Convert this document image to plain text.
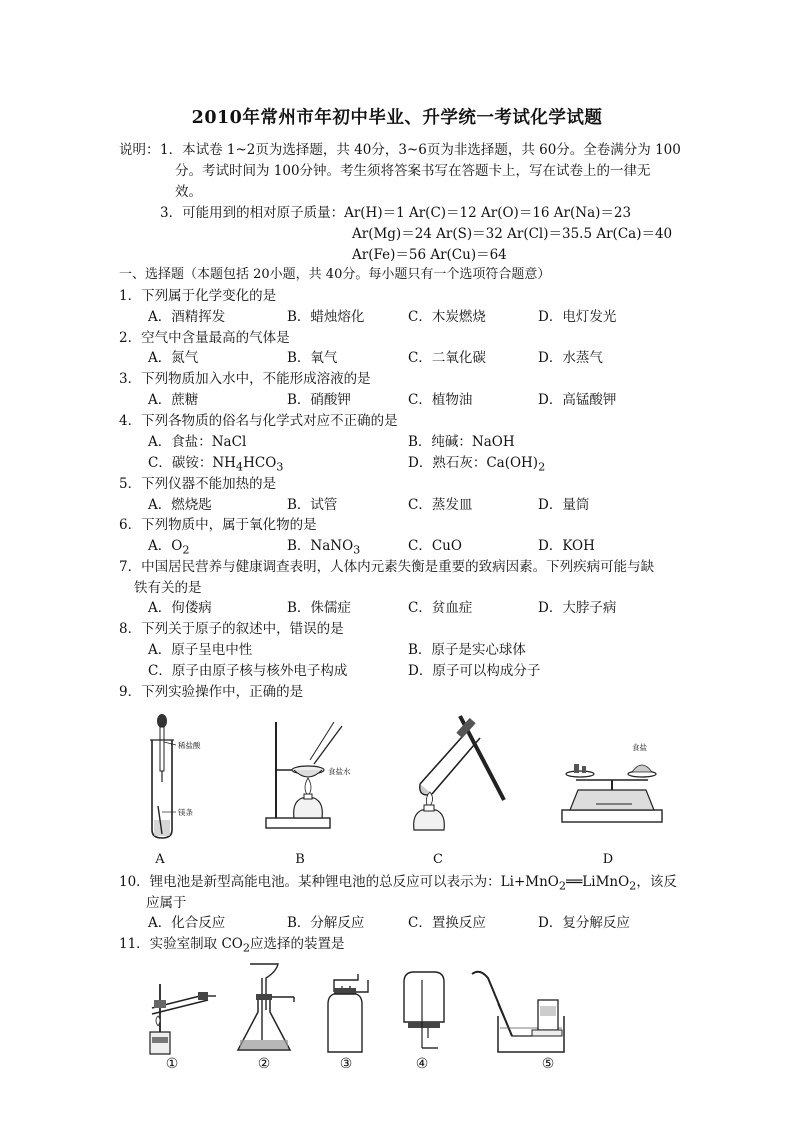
2010年常州市年初中毕业、升学统一考试化学试题
说明： 1．本试卷 1~2页为选择题，共 40分，3~6页为非选择题，共 60分。全卷满分为 100
分。考试时间为 100分钟。考生须将答案书写在答题卡上，写在试卷上的一律无
效。
3．可能用到的相对原子质量：Ar(H)＝1 Ar(C)＝12 Ar(O)＝16 Ar(Na)＝23
Ar(Mg)＝24 Ar(S)＝32 Ar(Cl)＝35.5 Ar(Ca)＝40
Ar(Fe)＝56 Ar(Cu)＝64
一、选择题（本题包括 20小题，共 40分。每小题只有一个选项符合题意）
1．下列属于化学变化的是
A．酒精挥发	B．蜡烛熔化	C．木炭燃烧	D．电灯发光
2．空气中含量最高的气体是
A．氮气	B．氧气	C．二氧化碳	D．水蒸气
3．下列物质加入水中，不能形成溶液的是
A．蔗糖	B．硝酸钾	C．植物油	D．高锰酸钾
4．下列各物质的俗名与化学式对应不正确的是
A．食盐：NaCl	B．纯碱：NaOH
C．碳铵：$NH_4HCO_3$	D．熟石灰：$Ca(OH)_2$
5．下列仪器不能加热的是
A．燃烧匙	B．试管	C．蒸发皿	D．量筒
6．下列物质中，属于氧化物的是
A．$O_2$	B．NaNO$_3$	C．CuO	D．KOH
7．中国居民营养与健康调查表明，人体内元素失衡是重要的致病因素。下列疾病可能与缺
铁有关的是
A．佝偻病	B．侏儒症	C．贫血症	D．大脖子病
8．下列关于原子的叙述中，错误的是
A．原子呈电中性	B．原子是实心球体
C．原子由原子核与核外电子构成	D．原子可以构成分子
9．下列实验操作中，正确的是
稀盐酸
镁条
食盐水
食盐
A	B	C	D
10．锂电池是新型高能电池。某种锂电池的总反应可以表示为：Li+MnO$_2$══LiMnO$_2$，该反
应属于
A．化合反应	B．分解反应	C．置换反应	D．复分解反应
11．实验室制取 $CO_2$应选择的装置是
①	②	③	④	⑤
